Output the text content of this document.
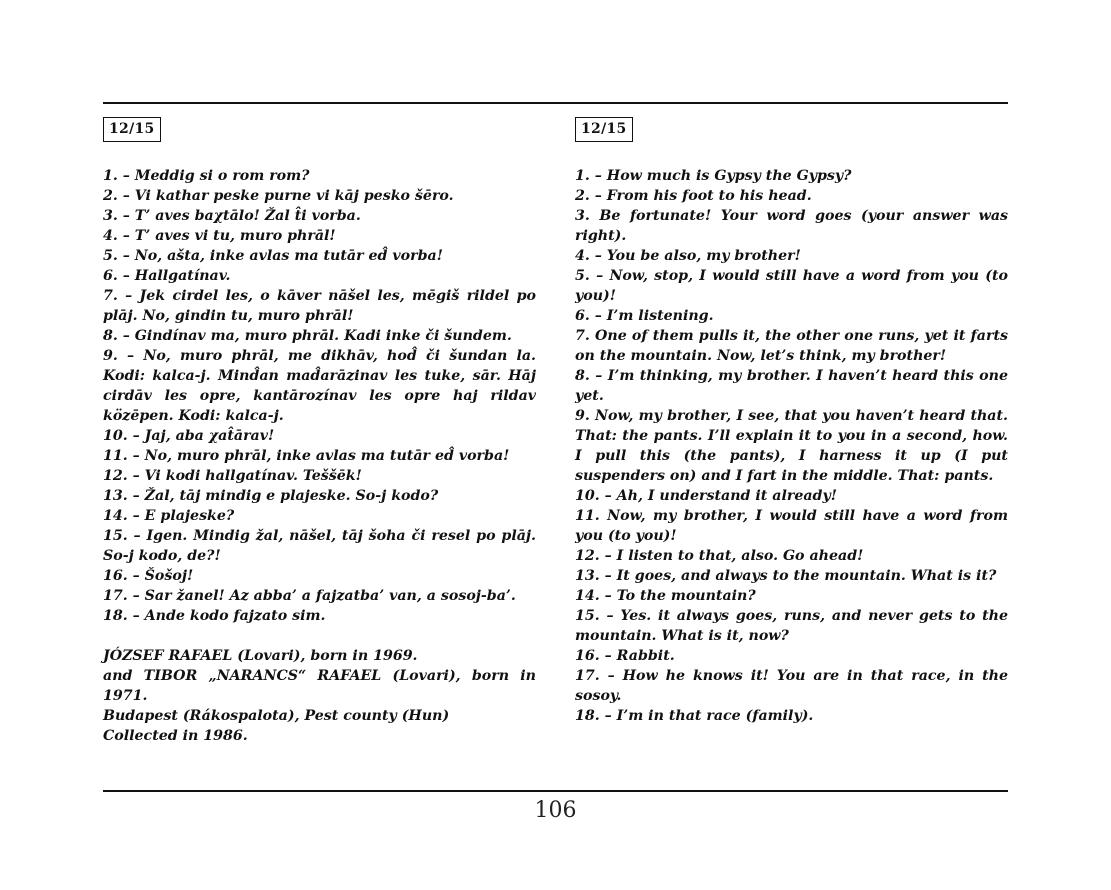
12/15

1. – Meddig si o rom rom?

2. – Vi kathar peske purne vi kāj pesko šēro.

3. – T’ aves baχtālo! Žal t̂i vorba.

4. – T’ aves vi tu, muro phrāl!

5. – No, ašta, inke avlas ma tutār ed̂ vorba!

6. – Hallgatínav.

7. – Jek cirdel les, o kāver nāšel les, mēgiš rildel po plāj. No, gindin tu, muro phrāl!

8. – Gindínav ma, muro phrāl. Kadi inke či šundem.

9. – No, muro phrāl, me dikhāv, hod̂ či šundan la. Kodi: kalca-j. Mind̂an mad̂arāzinav les tuke, sār. Hāj cirdāv les opre, kantārozínav les opre haj rildav közēpen. Kodi: kalca-j.

10. – Jaj, aba χat̂ārav!

11. – No, muro phrāl, inke avlas ma tutār ed̂ vorba!

12. – Vi kodi hallgatínav. Teššēk!

13. – Žal, tāj mindig e plajeske. So-j kodo?

14. – E plajeske?

15. – Igen. Mindig žal, nāšel, tāj šoha či resel po plāj. So-j kodo, de?!

16. – Šošoj!

17. – Sar žanel! Az abba’ a fajzatba’ van, a sosoj-ba’.

18. – Ande kodo fajzato sim.

JÓZSEF RAFAEL (Lovari), born in 1969.

and TIBOR „NARANCS“ RAFAEL (Lovari), born in 1971.

Budapest (Rákospalota), Pest county (Hun)

Collected in 1986.

12/15

1. – How much is Gypsy the Gypsy?

2. – From his foot to his head.

3. Be fortunate! Your word goes (your answer was right).

4. – You be also, my brother!

5. – Now, stop, I would still have a word from you (to you)!

6. – I’m listening.

7. One of them pulls it, the other one runs, yet it farts on the mountain. Now, let’s think, my brother!

8. – I’m thinking, my brother. I haven’t heard this one yet.

9. Now, my brother, I see, that you haven’t heard that. That: the pants. I’ll explain it to you in a second, how. I pull this (the pants), I harness it up (I put suspenders on) and I fart in the middle. That: pants.

10. – Ah, I understand it already!

11. Now, my brother, I would still have a word from you (to you)!

12. – I listen to that, also. Go ahead!

13. – It goes, and always to the mountain. What is it?

14. – To the mountain?

15. – Yes. it always goes, runs, and never gets to the mountain. What is it, now?

16. – Rabbit.

17. – How he knows it! You are in that race, in the sosoy.

18. – I’m in that race (family).

106
